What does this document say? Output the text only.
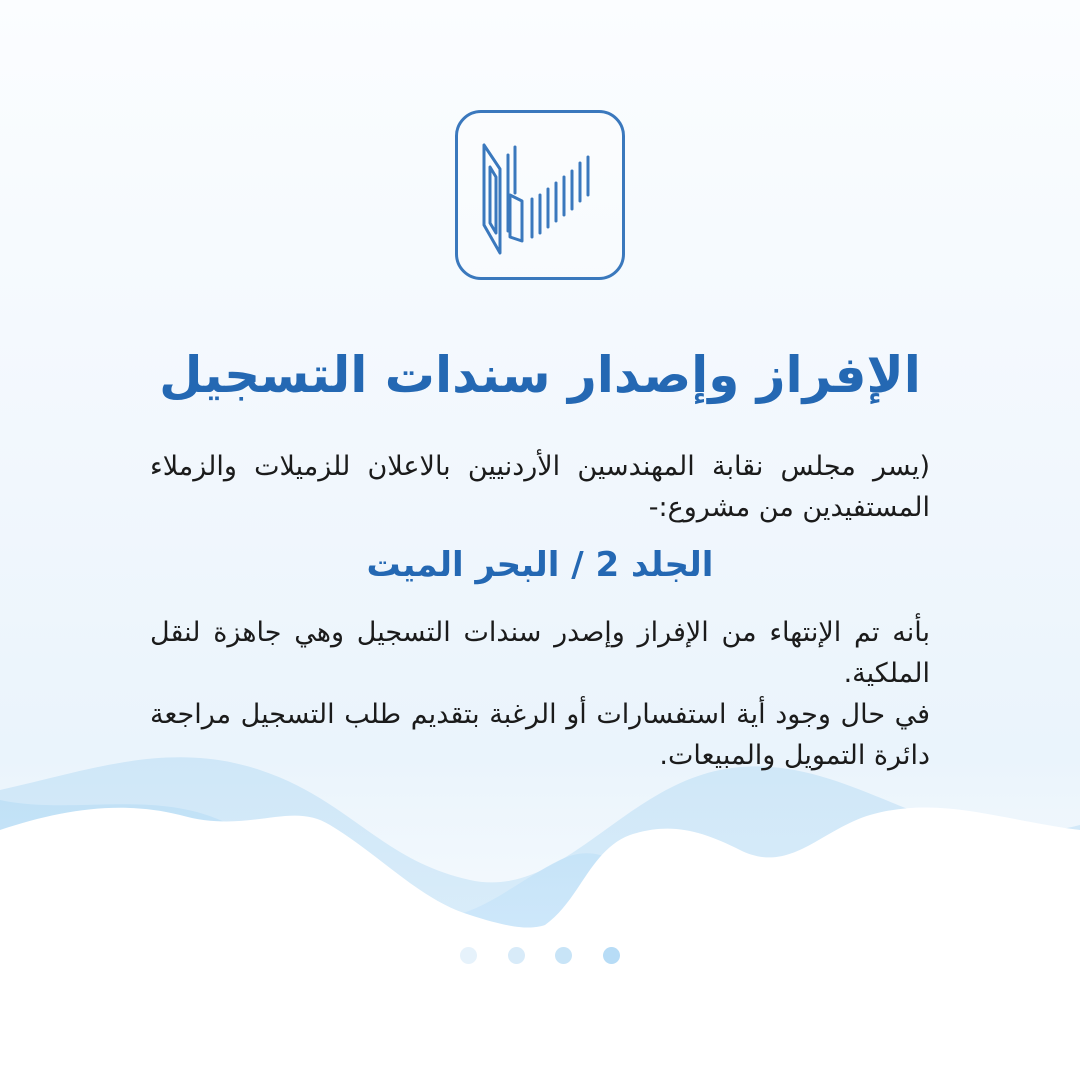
الإفراز وإصدار سندات التسجيل

(يسر مجلس نقابة المهندسين الأردنيين بالاعلان للزميلات والزملاء المستفيدين من مشروع:-

الجلد 2 / البحر الميت

بأنه تم الإنتهاء من الإفراز وإصدر سندات التسجيل وهي جاهزة لنقل الملكية.

في حال وجود أية استفسارات أو الرغبة بتقديم طلب التسجيل مراجعة دائرة التمويل والمبيعات.
